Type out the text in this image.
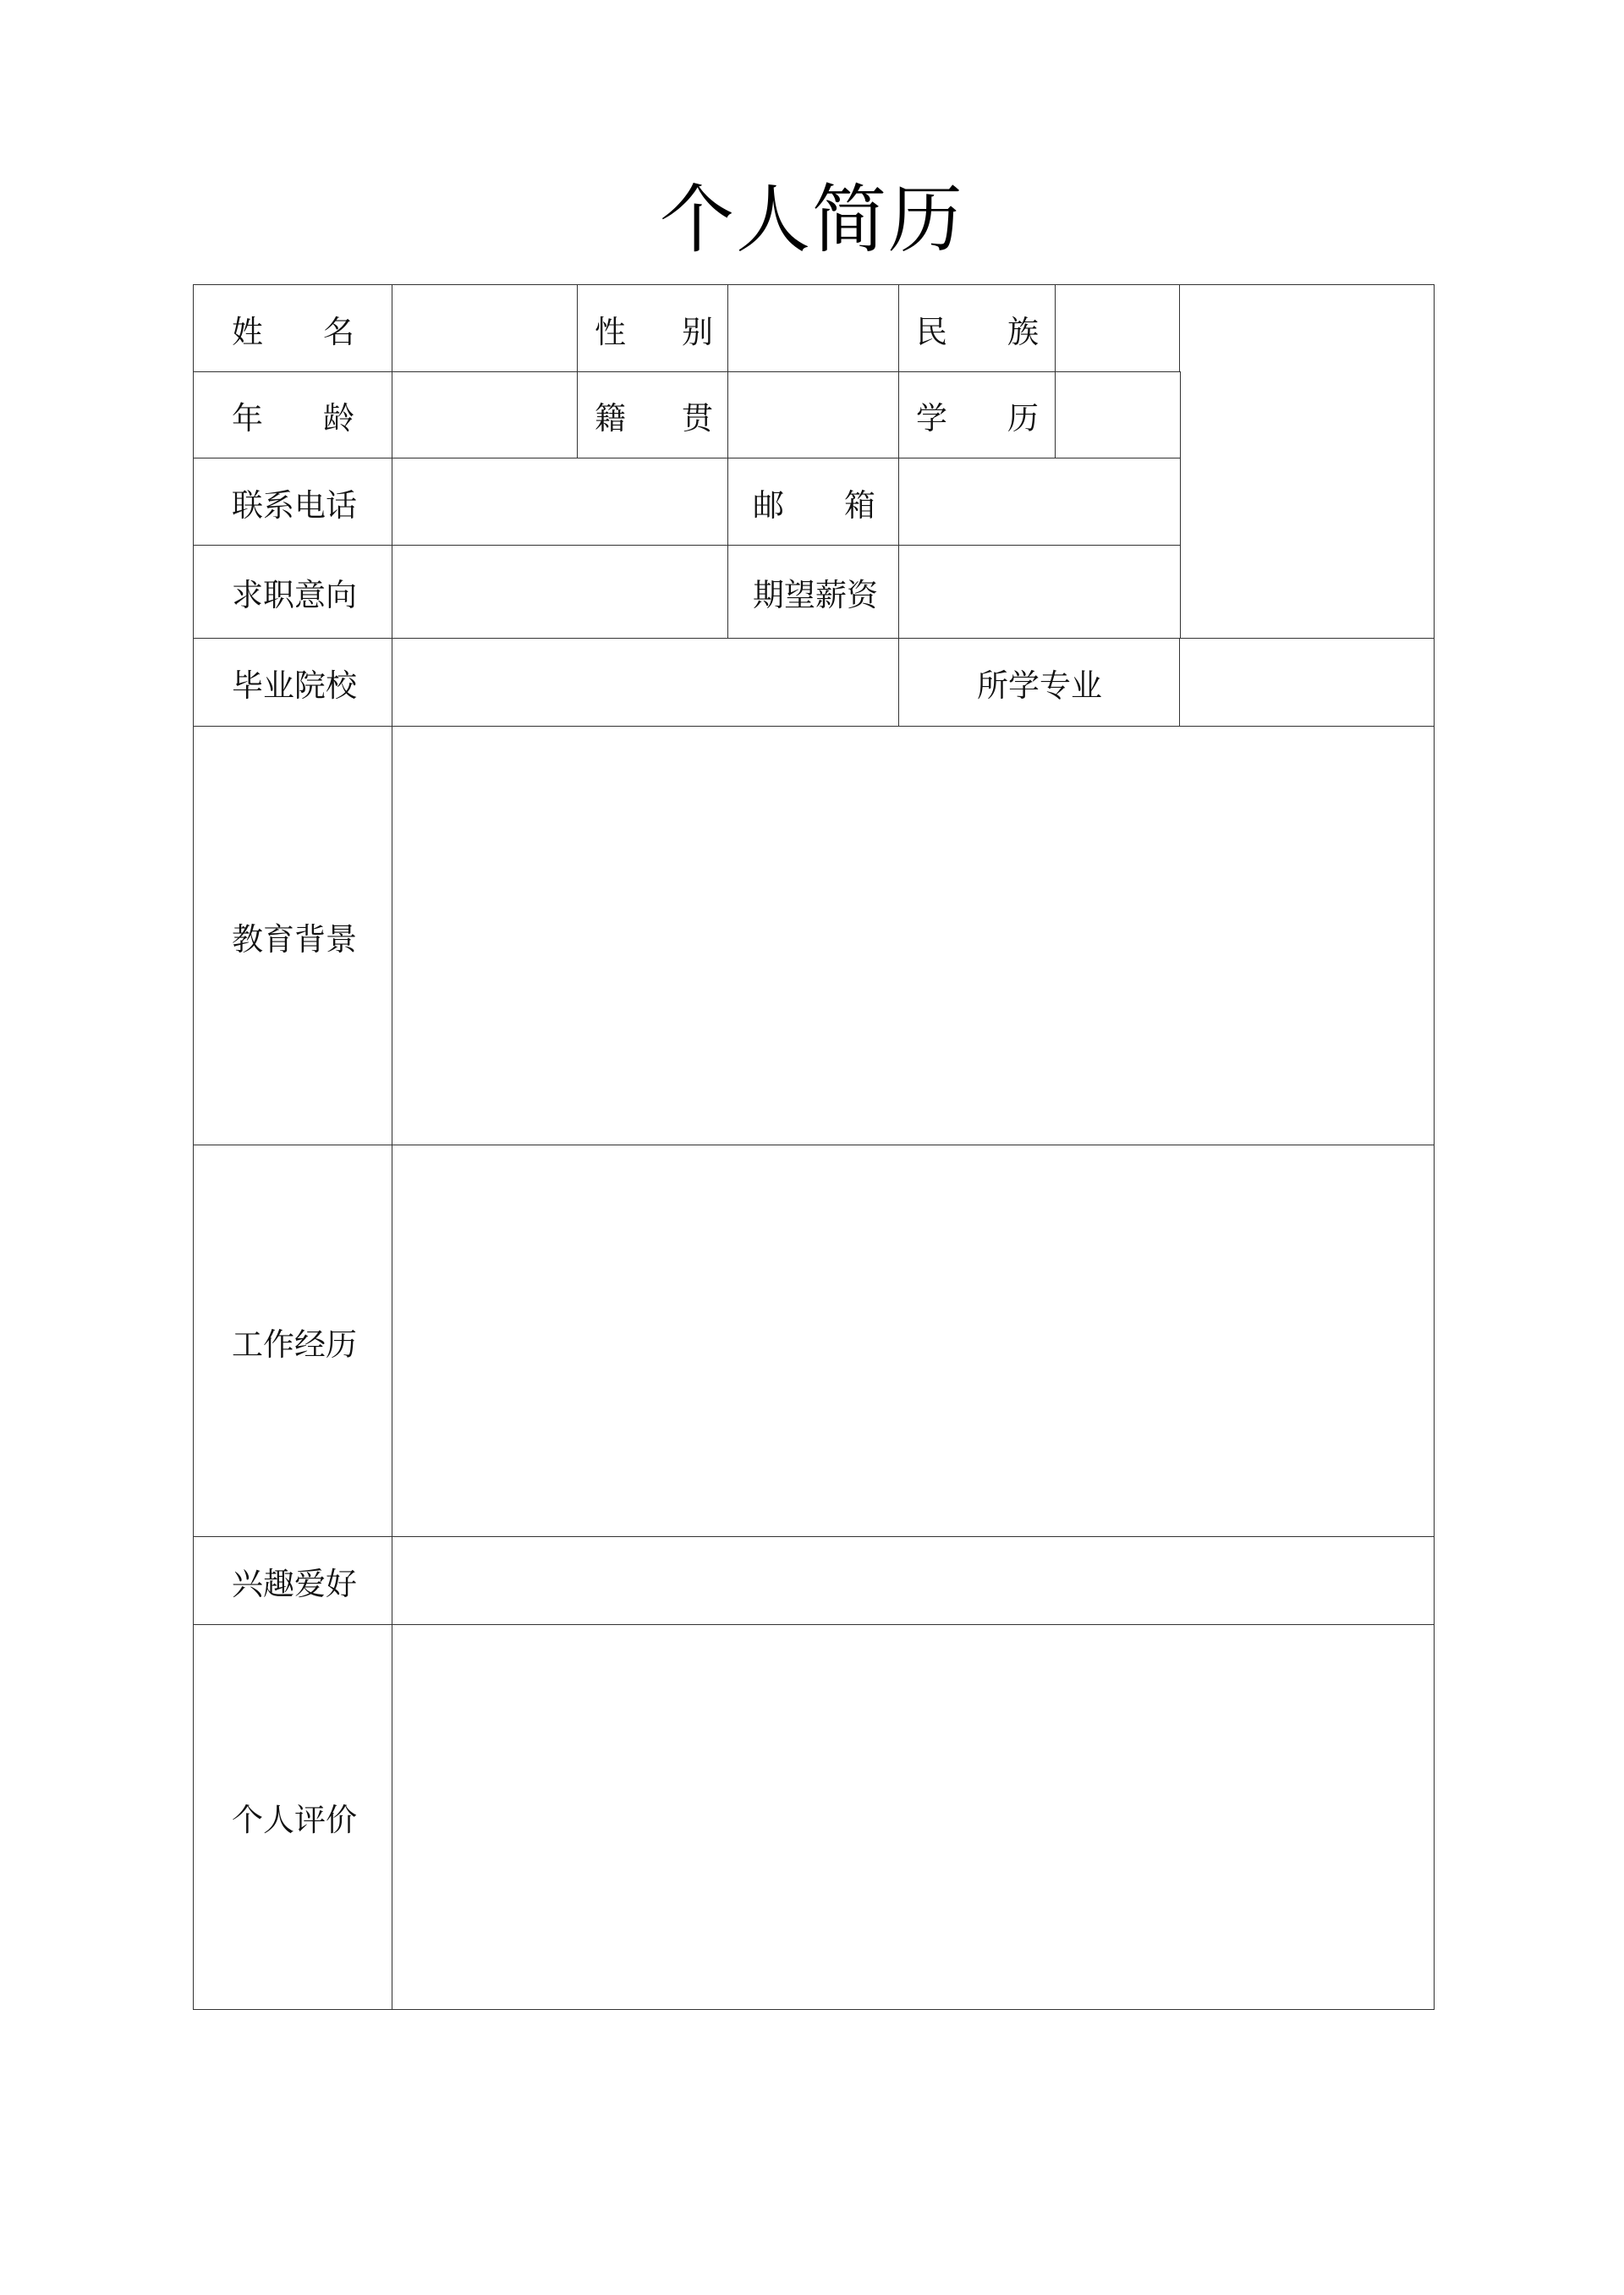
个人简历
姓 名	性 别	民 族
年 龄	籍 贯	学 历
联系电话	邮 箱
求职意向	期望薪资
毕业院校	所学专业
教育背景
工作经历
兴趣爱好
个人评价
